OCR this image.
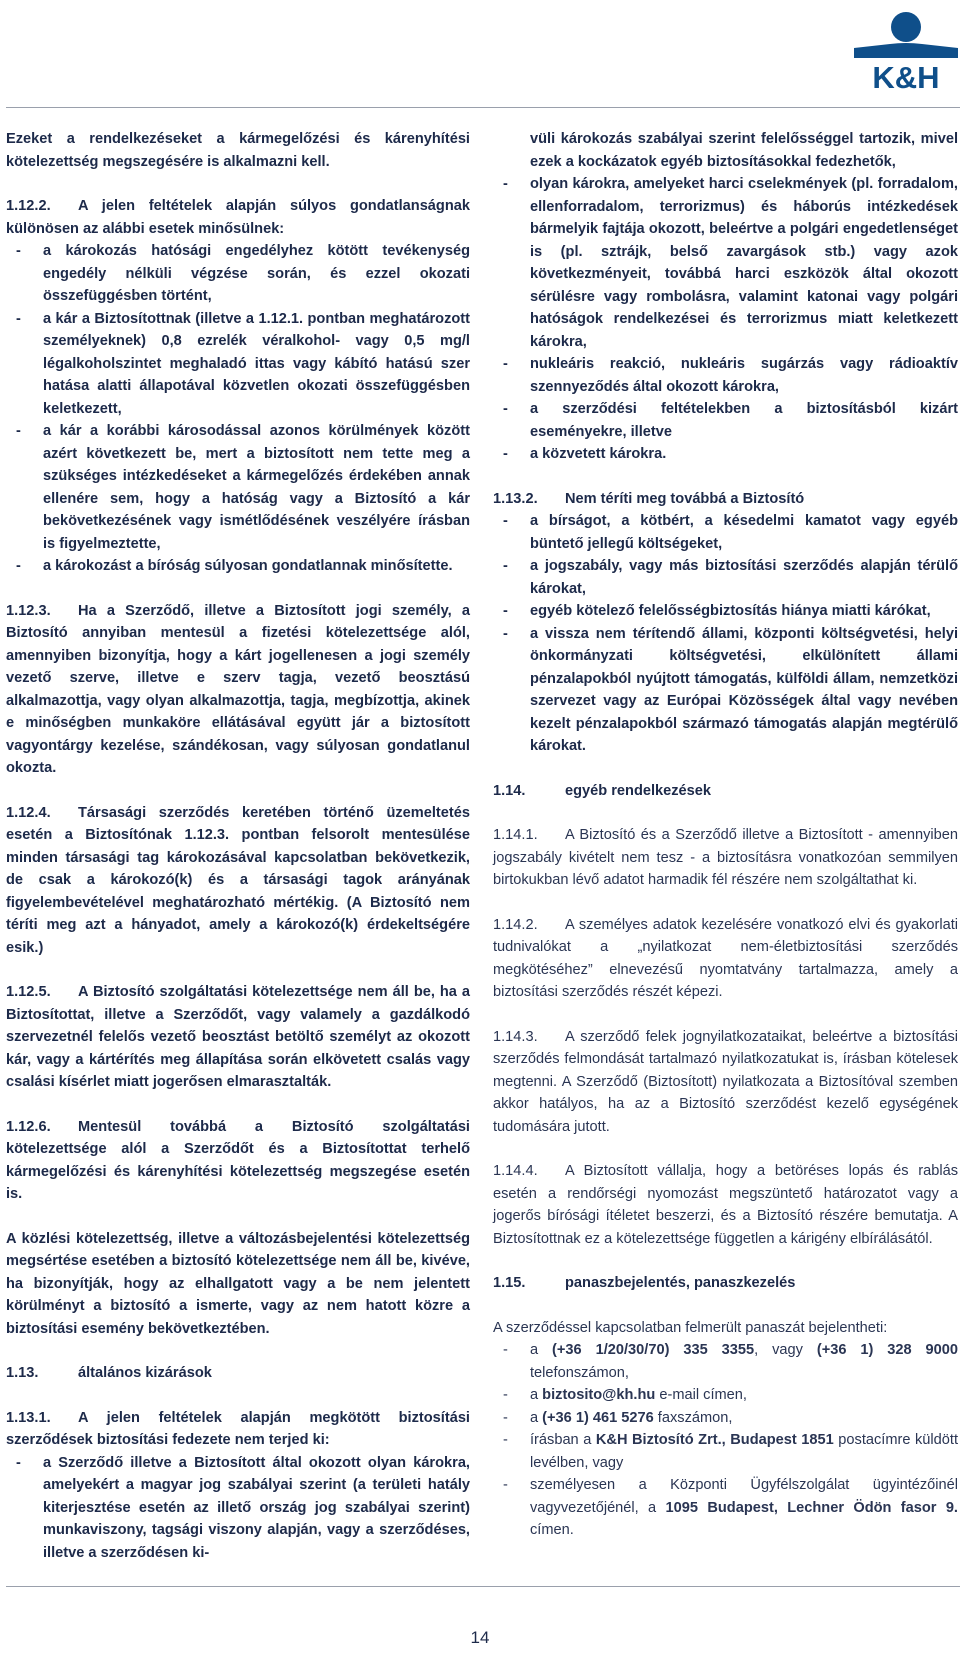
K&H

Ezeket a rendelkezéseket a kármegelőzési és kárenyhítési kötelezettség megszegésére is alkalmazni kell.

1.12.2. A jelen feltételek alapján súlyos gondatlanságnak különösen az alábbi esetek minősülnek:

- a károkozás hatósági engedélyhez kötött tevékenység engedély nélküli végzése során, és ezzel okozati összefüggésben történt,
- a kár a Biztosítottnak (illetve a 1.12.1. pontban meghatározott személyeknek) 0,8 ezrelék véralkohol- vagy 0,5 mg/l légalkoholszintet meghaladó ittas vagy kábító hatású szer hatása alatti állapotával közvetlen okozati összefüggésben keletkezett,
- a kár a korábbi károsodással azonos körülmények között azért következett be, mert a biztosított nem tette meg a szükséges intézkedéseket a kármegelőzés érdekében annak ellenére sem, hogy a hatóság vagy a Biztosító a kár bekövetkezésének vagy ismétlődésének veszélyére írásban is figyelmeztette,
- a károkozást a bíróság súlyosan gondatlannak minősítette.

1.12.3. Ha a Szerződő, illetve a Biztosított jogi személy, a Biztosító annyiban mentesül a fizetési kötelezettsége alól, amennyiben bizonyítja, hogy a kárt jogellenesen a jogi személy vezető szerve, illetve e szerv tagja, vezető beosztású alkalmazottja, vagy olyan alkalmazottja, tagja, megbízottja, akinek e minőségben munkaköre ellátásával együtt jár a biztosított vagyontárgy kezelése, szándékosan, vagy súlyosan gondatlanul okozta.

1.12.4. Társasági szerződés keretében történő üzemeltetés esetén a Biztosítónak 1.12.3. pontban felsorolt mentesülése minden társasági tag károkozásával kapcsolatban bekövetkezik, de csak a károkozó(k) és a társasági tagok arányának figyelembevételével meghatározható mértékig. (A Biztosító nem téríti meg azt a hányadot, amely a károkozó(k) érdekeltségére esik.)

1.12.5. A Biztosító szolgáltatási kötelezettsége nem áll be, ha a Biztosítottat, illetve a Szerződőt, vagy valamely a gazdálkodó szervezetnél felelős vezető beosztást betöltő személyt az okozott kár, vagy a kártérítés meg állapítása során elkövetett csalás vagy csalási kísérlet miatt jogerősen elmarasztalták.

1.12.6. Mentesül továbbá a Biztosító szolgáltatási kötelezettsége alól a Szerződőt és a Biztosítottat terhelő kármegelőzési és kárenyhítési kötelezettség megszegése esetén is.

A közlési kötelezettség, illetve a változásbejelentési kötelezettség megsértése esetében a biztosító kötelezettsége nem áll be, kivéve, ha bizonyítják, hogy az elhallgatott vagy a be nem jelentett körülményt a biztosító a ismerte, vagy az nem hatott közre a biztosítási esemény bekövetkeztében.

1.13.	általános kizárások

1.13.1. A jelen feltételek alapján megkötött biztosítási szerződések biztosítási fedezete nem terjed ki:

- a Szerződő illetve a Biztosított által okozott olyan károkra, amelyekért a magyar jog szabályai szerint (a területi hatály kiterjesztése esetén az illető ország jog szabályai szerint) munkaviszony, tagsági viszony alapján, vagy a szerződéses, illetve a szerződésen ki-

vüli károkozás szabályai szerint felelősséggel tartozik, mivel ezek a kockázatok egyéb biztosításokkal fedezhetők,

- olyan károkra, amelyeket harci cselekmények (pl. forradalom, ellenforradalom, terrorizmus) és háborús intézkedések bármelyik fajtája okozott, beleértve a polgári engedetlenséget is (pl. sztrájk, belső zavargások stb.) vagy azok következményeit, továbbá harci eszközök által okozott sérülésre vagy rombolásra, valamint katonai vagy polgári hatóságok rendelkezései és terrorizmus miatt keletkezett károkra,
- nukleáris reakció, nukleáris sugárzás vagy rádioaktív szennyeződés által okozott károkra,
- a szerződési feltételekben a biztosításból kizárt eseményekre, illetve
- a közvetett károkra.

1.13.2. Nem téríti meg továbbá a Biztosító

- a bírságot, a kötbért, a késedelmi kamatot vagy egyéb büntető jellegű költségeket,
- a jogszabály, vagy más biztosítási szerződés alapján térülő károkat,
- egyéb kötelező felelősségbiztosítás hiánya miatti kárókat,
- a vissza nem térítendő állami, központi költségvetési, helyi önkormányzati költségvetési, elkülönített állami pénzalapokból nyújtott támogatás, külföldi állam, nemzetközi szervezet vagy az Európai Közösségek által vagy nevében kezelt pénzalapokból származó támogatás alapján megtérülő károkat.

1.14.	egyéb rendelkezések

1.14.1. A Biztosító és a Szerződő illetve a Biztosított - amennyiben jogszabály kivételt nem tesz - a biztosításra vonatkozóan semmilyen birtokukban lévő adatot harmadik fél részére nem szolgáltathat ki.

1.14.2. A személyes adatok kezelésére vonatkozó elvi és gyakorlati tudnivalókat a „nyilatkozat nem-életbiztosítási szerződés megkötéséhez” elnevezésű nyomtatvány tartalmazza, amely a biztosítási szerződés részét képezi.

1.14.3. A szerződő felek jognyilatkozataikat, beleértve a biztosítási szerződés felmondását tartalmazó nyilatkozatukat is, írásban kötelesek megtenni. A Szerződő (Biztosított) nyilatkozata a Biztosítóval szemben akkor hatályos, ha az a Biztosító szerződést kezelő egységének tudomására jutott.

1.14.4. A Biztosított vállalja, hogy a betöréses lopás és rablás esetén a rendőrségi nyomozást megszüntető határozatot vagy a jogerős bírósági ítéletet beszerzi, és a Biztosító részére bemutatja. A Biztosítottnak ez a kötelezettsége független a kárigény elbírálásától.

1.15.	panaszbejelentés, panaszkezelés

A szerződéssel kapcsolatban felmerült panaszát bejelentheti:

- a (+36 1/20/30/70) 335 3355, vagy (+36 1) 328 9000 telefonszámon,
- a biztosito@kh.hu e-mail címen,
- a (+36 1) 461 5276 faxszámon,
- írásban a K&H Biztosító Zrt., Budapest 1851 postacímre küldött levélben, vagy
- személyesen a Központi Ügyfélszolgálat ügyintézőinél vagyvezetőjénél, a 1095 Budapest, Lechner Ödön fasor 9. címen.
14
